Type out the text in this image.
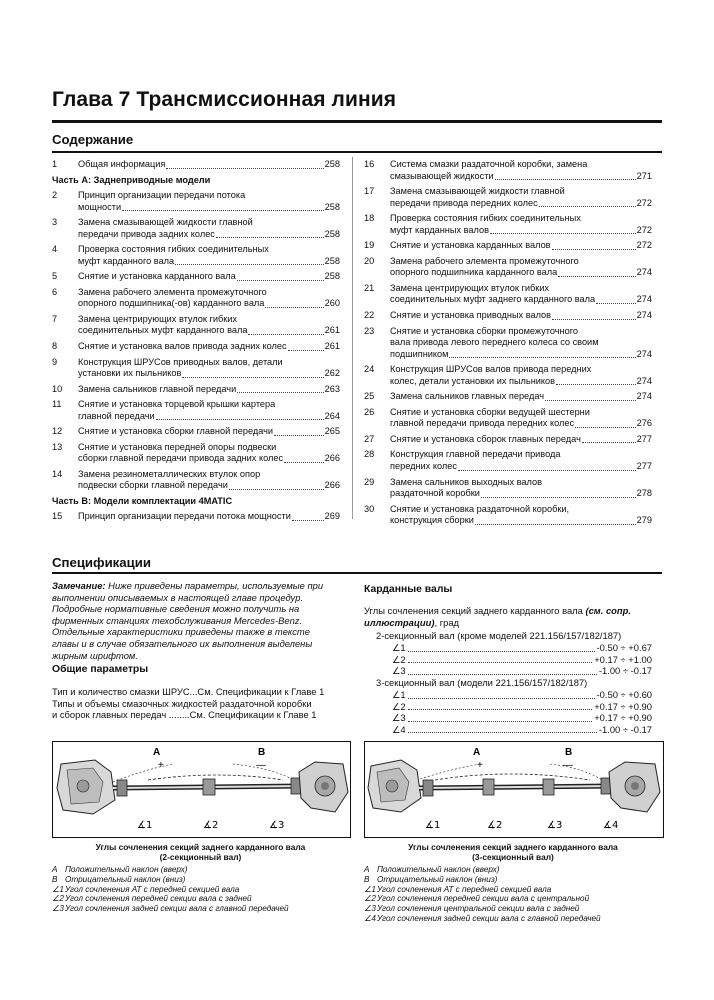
Глава 7 Трансмиссионная линия
Содержание
1	Общая информация	258
Часть А: Заднеприводные модели
2	Принцип организации передачи потока
мощности	258
3	Замена смазывающей жидкости главной
передачи привода задних колес	258
4	Проверка состояния гибких соединительных
муфт карданного вала	258
5	Снятие и установка карданного вала	258
6	Замена рабочего элемента промежуточного
опорного подшипника(-ов) карданного вала	260
7	Замена центрирующих втулок гибких
соединительных муфт карданного вала	261
8	Снятие и установка валов привода задних колес	261
9	Конструкция ШРУСов приводных валов, детали
установки их пыльников	262
10	Замена сальников главной передачи	263
11	Снятие и установка торцевой крышки картера
главной передачи	264
12	Снятие и установка сборки главной передачи	265
13	Снятие и установка передней опоры подвески
сборки главной передачи привода задних колес	266
14	Замена резинометаллических втулок опор
подвески сборки главной передачи	266
Часть В: Модели комплектации 4MATIC
15	Принцип организации передачи потока мощности	269
16	Система смазки раздаточной коробки, замена
смазывающей жидкости	271
17	Замена смазывающей жидкости главной
передачи привода передних колес	272
18	Проверка состояния гибких соединительных
муфт карданных валов	272
19	Снятие и установка карданных валов	272
20	Замена рабочего элемента промежуточного
опорного подшипника карданного вала	274
21	Замена центрирующих втулок гибких
соединительных муфт заднего карданного вала	274
22	Снятие и установка приводных валов	274
23	Снятие и установка сборки промежуточного
вала привода левого переднего колеса со своим
подшипником	274
24	Конструкция ШРУСов валов привода передних
колес, детали установки их пыльников	274
25	Замена сальников главных передач	274
26	Снятие и установка сборки ведущей шестерни
главной передачи привода передних колес	276
27	Снятие и установка сборок главных передач	277
28	Конструкция главной передачи привода
передних колес	277
29	Замена сальников выходных валов
раздаточной коробки	278
30	Снятие и установка раздаточной коробки,
конструкция сборки	279
Спецификации
Замечание: Ниже приведены параметры, используемые при выполнении описываемых в настоящей главе процедур. Подробные нормативные сведения можно получить на фирменных станциях техобслуживания Mercedes-Benz. Отдельные характеристики приведены также в тексте главы и в случае обязательного их выполнения выделены жирным шрифтом.
Общие параметры
Тип и количество смазки ШРУС...См. Спецификации к Главе 1
Типы и объемы смазочных жидкостей раздаточной коробки
и сборок главных передач ........См. Спецификации к Главе 1
Карданные валы
Углы сочленения секций заднего карданного вала (см. сопр. иллюстрации), град
2-секционный вал (кроме моделей 221.156/157/182/187)
∠1	-0.50 ÷ +0.67
∠2	+0.17 ÷ +1.00
∠3	-1.00 ÷ -0.17
3-секционный вал (модели 221.156/157/182/187)
∠1	-0.50 ÷ +0.60
∠2	+0.17 ÷ +0.90
∠3	+0.17 ÷ +0.90
∠4	-1.00 ÷ -0.17
A
+
B
—
∡1	∡2	∡3
Углы сочленения секций заднего карданного вала
(2-секционный вал)
A Положительный наклон (вверх)
B Отрицательный наклон (вниз)
∠1Угол сочленения АТ с передней секцией вала
∠2Угол сочленения передней секции вала с задней
∠3Угол сочленения задней секции вала с главной передачей
A
+
B
—
∡1	∡2	∡3	∡4
Углы сочленения секций заднего карданного вала
(3-секционный вал)
A Положительный наклон (вверх)
B Отрицательный наклон (вниз)
∠1Угол сочленения АТ с передней секцией вала
∠2Угол сочленения передней секции вала с центральной
∠3Угол сочленения центральной секции вала с задней
∠4Угол сочленения задней секции вала с главной передачей
